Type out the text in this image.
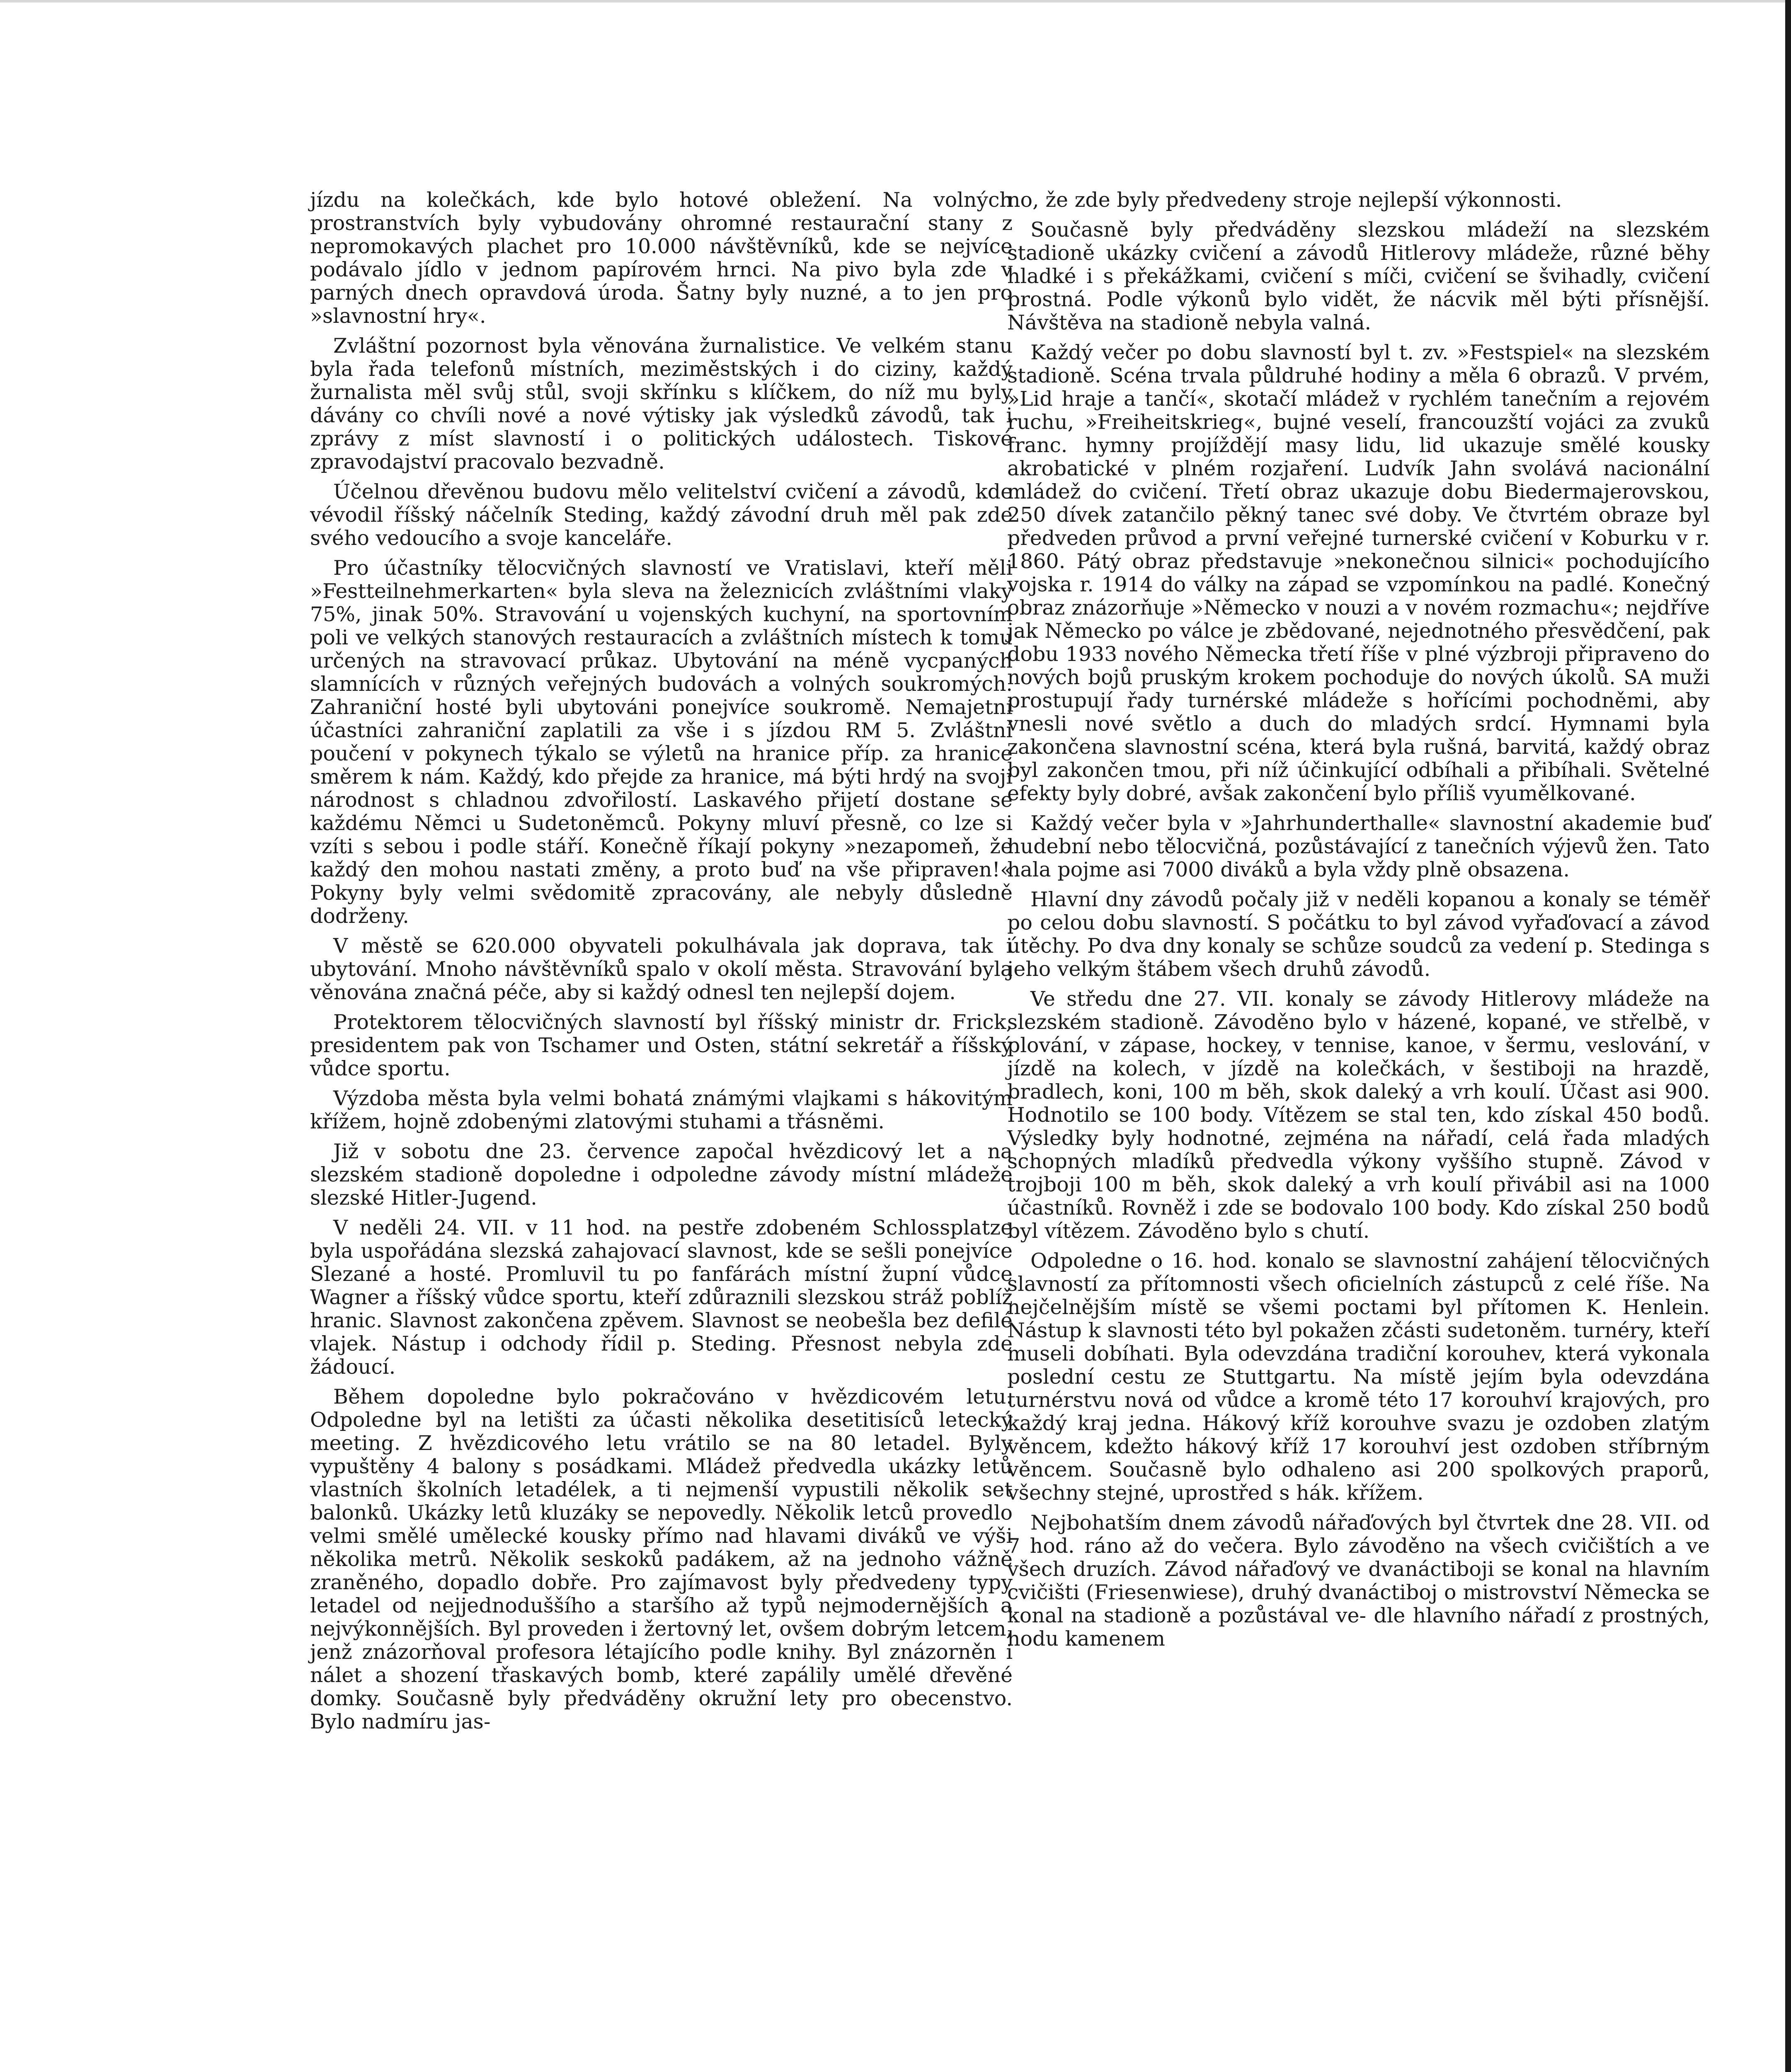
jízdu na kolečkách, kde bylo hotové obležení. Na volných prostranstvích byly vybudovány ohromné restaurační stany z nepromokavých plachet pro 10.000 návštěvníků, kde se nejvíce podávalo jídlo v jednom papírovém hrnci. Na pivo byla zde v parných dnech opravdová úroda. Šatny byly nuzné, a to jen pro »slavnostní hry«.

Zvláštní pozornost byla věnována žurnalistice. Ve velkém stanu byla řada telefonů místních, meziměstských i do ciziny, každý žurnalista měl svůj stůl, svoji skřínku s klíčkem, do níž mu byly dávány co chvíli nové a nové výtisky jak výsledků závodů, tak i zprávy z míst slavností i o politických událostech. Tiskové zpravodajství pracovalo bezvadně.

Účelnou dřevěnou budovu mělo velitelství cvičení a závodů, kde vévodil říšský náčelník Steding, každý závodní druh měl pak zde svého vedoucího a svoje kanceláře.

Pro účastníky tělocvičných slavností ve Vratislavi, kteří měli »Festteilnehmerkarten« byla sleva na železnicích zvláštními vlaky 75%, jinak 50%. Stravování u vojenských kuchyní, na sportovním poli ve velkých stanových restauracích a zvláštních místech k tomu určených na stravovací průkaz. Ubytování na méně vycpaných slamnících v různých veřejných budovách a volných soukromých. Zahraniční hosté byli ubytováni ponejvíce soukromě. Nemajetní účastníci zahraniční zaplatili za vše i s jízdou RM 5. Zvláštní poučení v pokynech týkalo se výletů na hranice příp. za hranice směrem k nám. Každý, kdo přejde za hranice, má býti hrdý na svoji národnost s chladnou zdvořilostí. Laskavého přijetí dostane se každému Němci u Sudetoněmců. Pokyny mluví přesně, co lze si vzíti s sebou i podle stáří. Konečně říkají pokyny »nezapomeň, že každý den mohou nastati změny, a proto buď na vše připraven!« Pokyny byly velmi svědomitě zpracovány, ale nebyly důsledně dodrženy.

V městě se 620.000 obyvateli pokulhávala jak doprava, tak i ubytování. Mnoho návštěvníků spalo v okolí města. Stravování byla věnována značná péče, aby si každý odnesl ten nejlepší dojem.

Protektorem tělocvičných slavností byl říšský ministr dr. Frick, presidentem pak von Tschamer und Osten, státní sekretář a říšský vůdce sportu.

Výzdoba města byla velmi bohatá známými vlajkami s hákovitým křížem, hojně zdobenými zlatovými stuhami a třásněmi.

Již v sobotu dne 23. července započal hvězdicový let a na slezském stadioně dopoledne i odpoledne závody místní mládeže slezské Hitler-Jugend.

V neděli 24. VII. v 11 hod. na pestře zdobeném Schlossplatze byla uspořádána slezská zahajovací slavnost, kde se sešli ponejvíce Slezané a hosté. Promluvil tu po fanfárách místní župní vůdce Wagner a říšský vůdce sportu, kteří zdůraznili slezskou stráž poblíž hranic. Slavnost zakončena zpěvem. Slavnost se neobešla bez defilé vlajek. Nástup i odchody řídil p. Steding. Přesnost nebyla zde žádoucí.

Během dopoledne bylo pokračováno v hvězdicovém letu. Odpoledne byl na letišti za účasti několika desetitisíců letecký meeting. Z hvězdicového letu vrátilo se na 80 letadel. Byly vypuštěny 4 balony s posádkami. Mládež předvedla ukázky letů vlastních školních letadélek, a ti nejmenší vypustili několik set balonků. Ukázky letů kluzáky se nepovedly. Několik letců provedlo velmi smělé umělecké kousky přímo nad hlavami diváků ve výši několika metrů. Několik seskoků padákem, až na jednoho vážně zraněného, dopadlo dobře. Pro zajímavost byly předvedeny typy letadel od nejjednoduššího a staršího až typů nejmodernějších a nejvýkonnějších. Byl proveden i žertovný let, ovšem dobrým letcem, jenž znázorňoval profesora létajícího podle knihy. Byl znázorněn i nálet a shození třaskavých bomb, které zapálily umělé dřevěné domky. Současně byly předváděny okružní lety pro obecenstvo. Bylo nadmíru jas-

no, že zde byly předvedeny stroje nejlepší výkonnosti.

Současně byly předváděny slezskou mládeží na slezském stadioně ukázky cvičení a závodů Hitlerovy mládeže, různé běhy hladké i s překážkami, cvičení s míči, cvičení se švihadly, cvičení prostná. Podle výkonů bylo vidět, že nácvik měl býti přísnější. Návštěva na stadioně nebyla valná.

Každý večer po dobu slavností byl t. zv. »Festspiel« na slezském stadioně. Scéna trvala půldruhé hodiny a měla 6 obrazů. V prvém, »Lid hraje a tančí«, skotačí mládež v rychlém tanečním a rejovém ruchu, »Freiheitskrieg«, bujné veselí, francouzští vojáci za zvuků franc. hymny projíždějí masy lidu, lid ukazuje smělé kousky akrobatické v plném rozjaření. Ludvík Jahn svolává nacionální mládež do cvičení. Třetí obraz ukazuje dobu Biedermajerovskou, 250 dívek zatančilo pěkný tanec své doby. Ve čtvrtém obraze byl předveden průvod a první veřejné turnerské cvičení v Koburku v r. 1860. Pátý obraz představuje »nekonečnou silnici« pochodujícího vojska r. 1914 do války na západ se vzpomínkou na padlé. Konečný obraz znázorňuje »Německo v nouzi a v novém rozmachu«; nejdříve jak Německo po válce je zbědované, nejednotného přesvědčení, pak dobu 1933 nového Německa třetí říše v plné výzbroji připraveno do nových bojů pruským krokem pochoduje do nových úkolů. SA muži prostupují řady turnérské mládeže s hořícími pochodněmi, aby vnesli nové světlo a duch do mladých srdcí. Hymnami byla zakončena slavnostní scéna, která byla rušná, barvitá, každý obraz byl zakončen tmou, při níž účinkující odbíhali a přibíhali. Světelné efekty byly dobré, avšak zakončení bylo příliš vyumělkované.

Každý večer byla v »Jahrhunderthalle« slavnostní akademie buď hudební nebo tělocvičná, pozůstávající z tanečních výjevů žen. Tato hala pojme asi 7000 diváků a byla vždy plně obsazena.

Hlavní dny závodů počaly již v neděli kopanou a konaly se téměř po celou dobu slavností. S počátku to byl závod vyřaďovací a závod útěchy. Po dva dny konaly se schůze soudců za vedení p. Stedinga s jeho velkým štábem všech druhů závodů.

Ve středu dne 27. VII. konaly se závody Hitlerovy mládeže na slezském stadioně. Závoděno bylo v házené, kopané, ve střelbě, v plování, v zápase, hockey, v tennise, kanoe, v šermu, veslování, v jízdě na kolech, v jízdě na kolečkách, v šestiboji na hrazdě, bradlech, koni, 100 m běh, skok daleký a vrh koulí. Účast asi 900. Hodnotilo se 100 body. Vítězem se stal ten, kdo získal 450 bodů. Výsledky byly hodnotné, zejména na nářadí, celá řada mladých schopných mladíků předvedla výkony vyššího stupně. Závod v trojboji 100 m běh, skok daleký a vrh koulí přivábil asi na 1000 účastníků. Rovněž i zde se bodovalo 100 body. Kdo získal 250 bodů byl vítězem. Závoděno bylo s chutí.

Odpoledne o 16. hod. konalo se slavnostní zahájení tělocvičných slavností za přítomnosti všech oficielních zástupců z celé říše. Na nejčelnějším místě se všemi poctami byl přítomen K. Henlein. Nástup k slavnosti této byl pokažen zčásti sudetoněm. turnéry, kteří museli dobíhati. Byla odevzdána tradiční korouhev, která vykonala poslední cestu ze Stuttgartu. Na místě jejím byla odevzdána turnérstvu nová od vůdce a kromě této 17 korouhví krajových, pro každý kraj jedna. Hákový kříž korouhve svazu je ozdoben zlatým věncem, kdežto hákový kříž 17 korouhví jest ozdoben stříbrným věncem. Současně bylo odhaleno asi 200 spolkových praporů, všechny stejné, uprostřed s hák. křížem.

Nejbohatším dnem závodů nářaďových byl čtvrtek dne 28. VII. od 7 hod. ráno až do večera. Bylo závoděno na všech cvičištích a ve všech druzích. Závod nářaďový ve dvanáctiboji se konal na hlavním cvičišti (Friesenwiese), druhý dvanáctiboj o mistrovství Německa se konal na stadioně a pozůstával ve- dle hlavního nářadí z prostných, hodu kamenem
